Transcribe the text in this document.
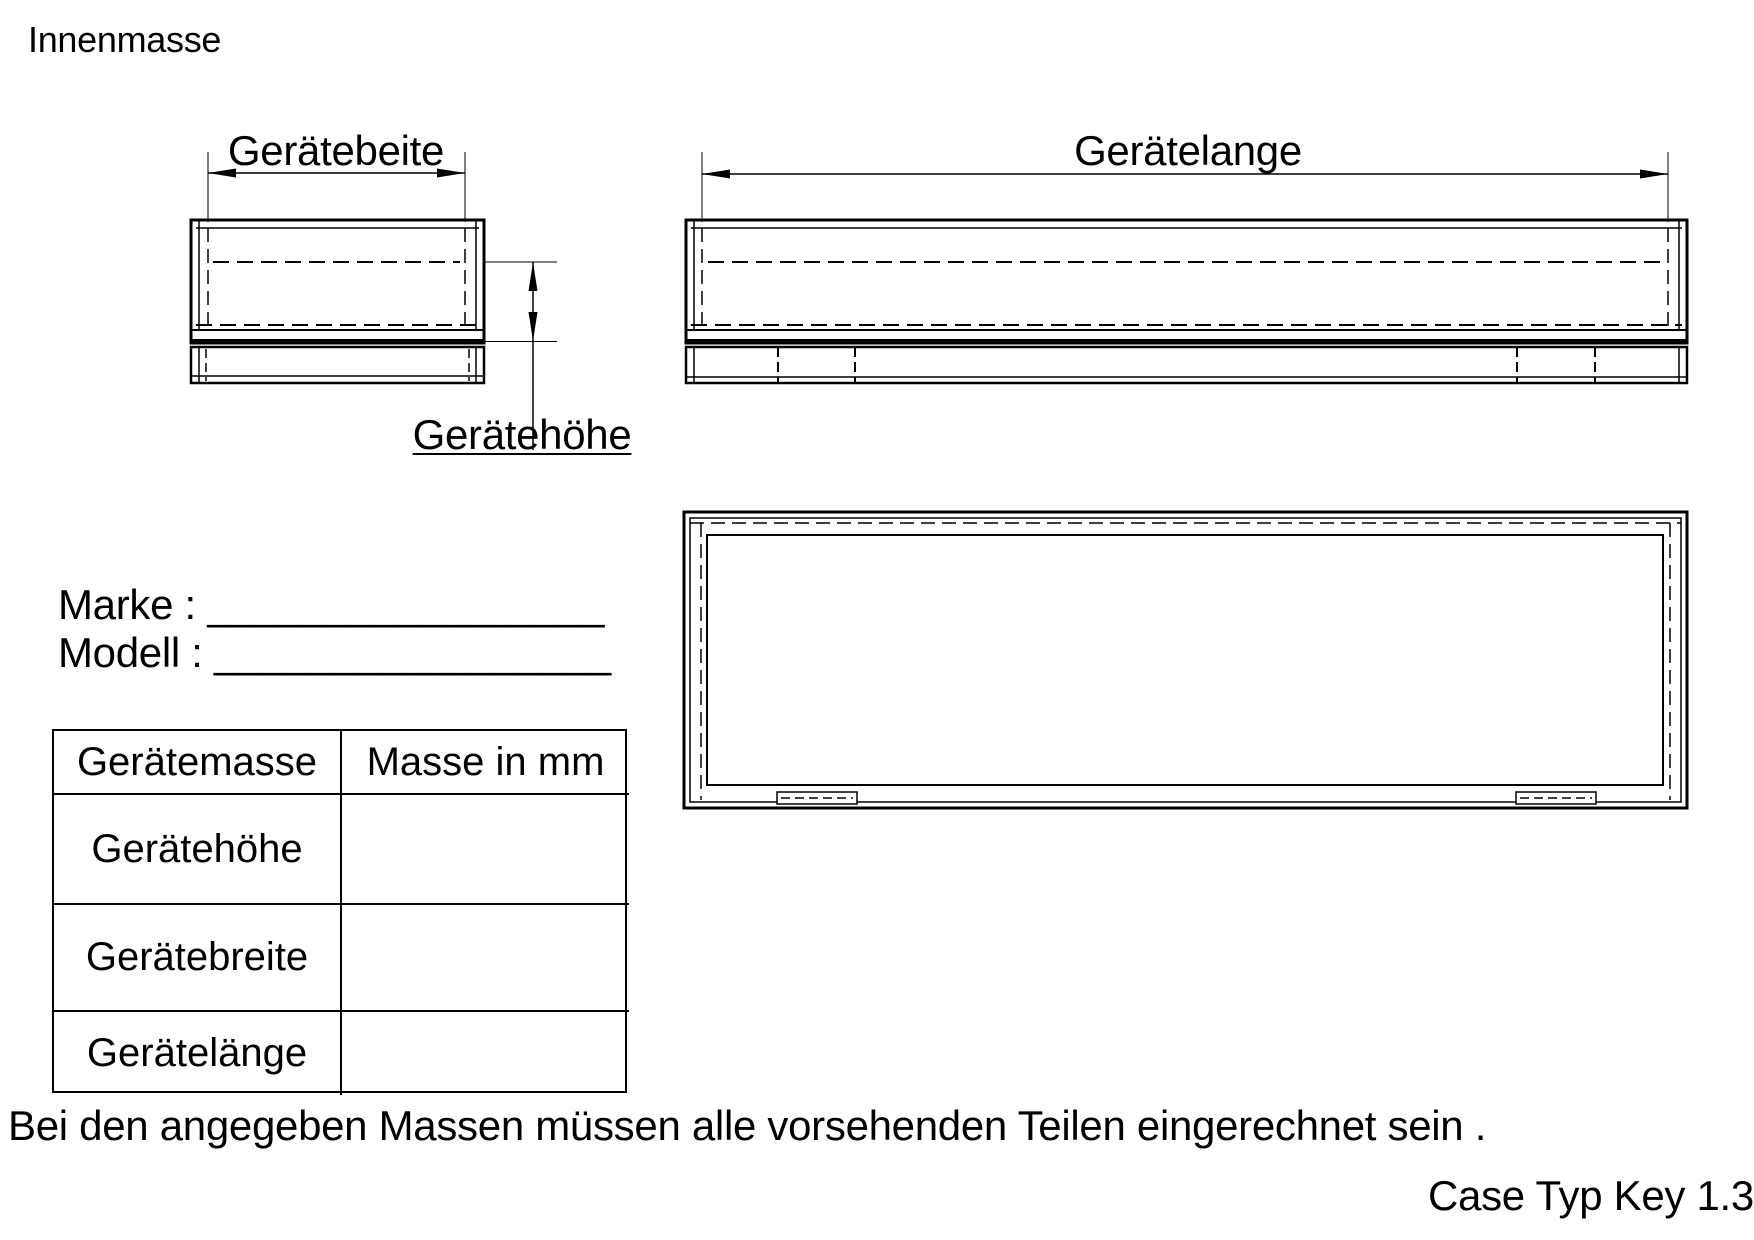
Innenmasse
Gerätebeite	Gerätelange
Gerätehöhe
Marke : _________________
Modell : _________________
Gerätemasse	Masse in mm
Gerätehöhe
Gerätebreite
Gerätelänge
Bei den angegeben Massen müssen alle vorsehenden Teilen eingerechnet sein .
Case Typ Key 1.3
